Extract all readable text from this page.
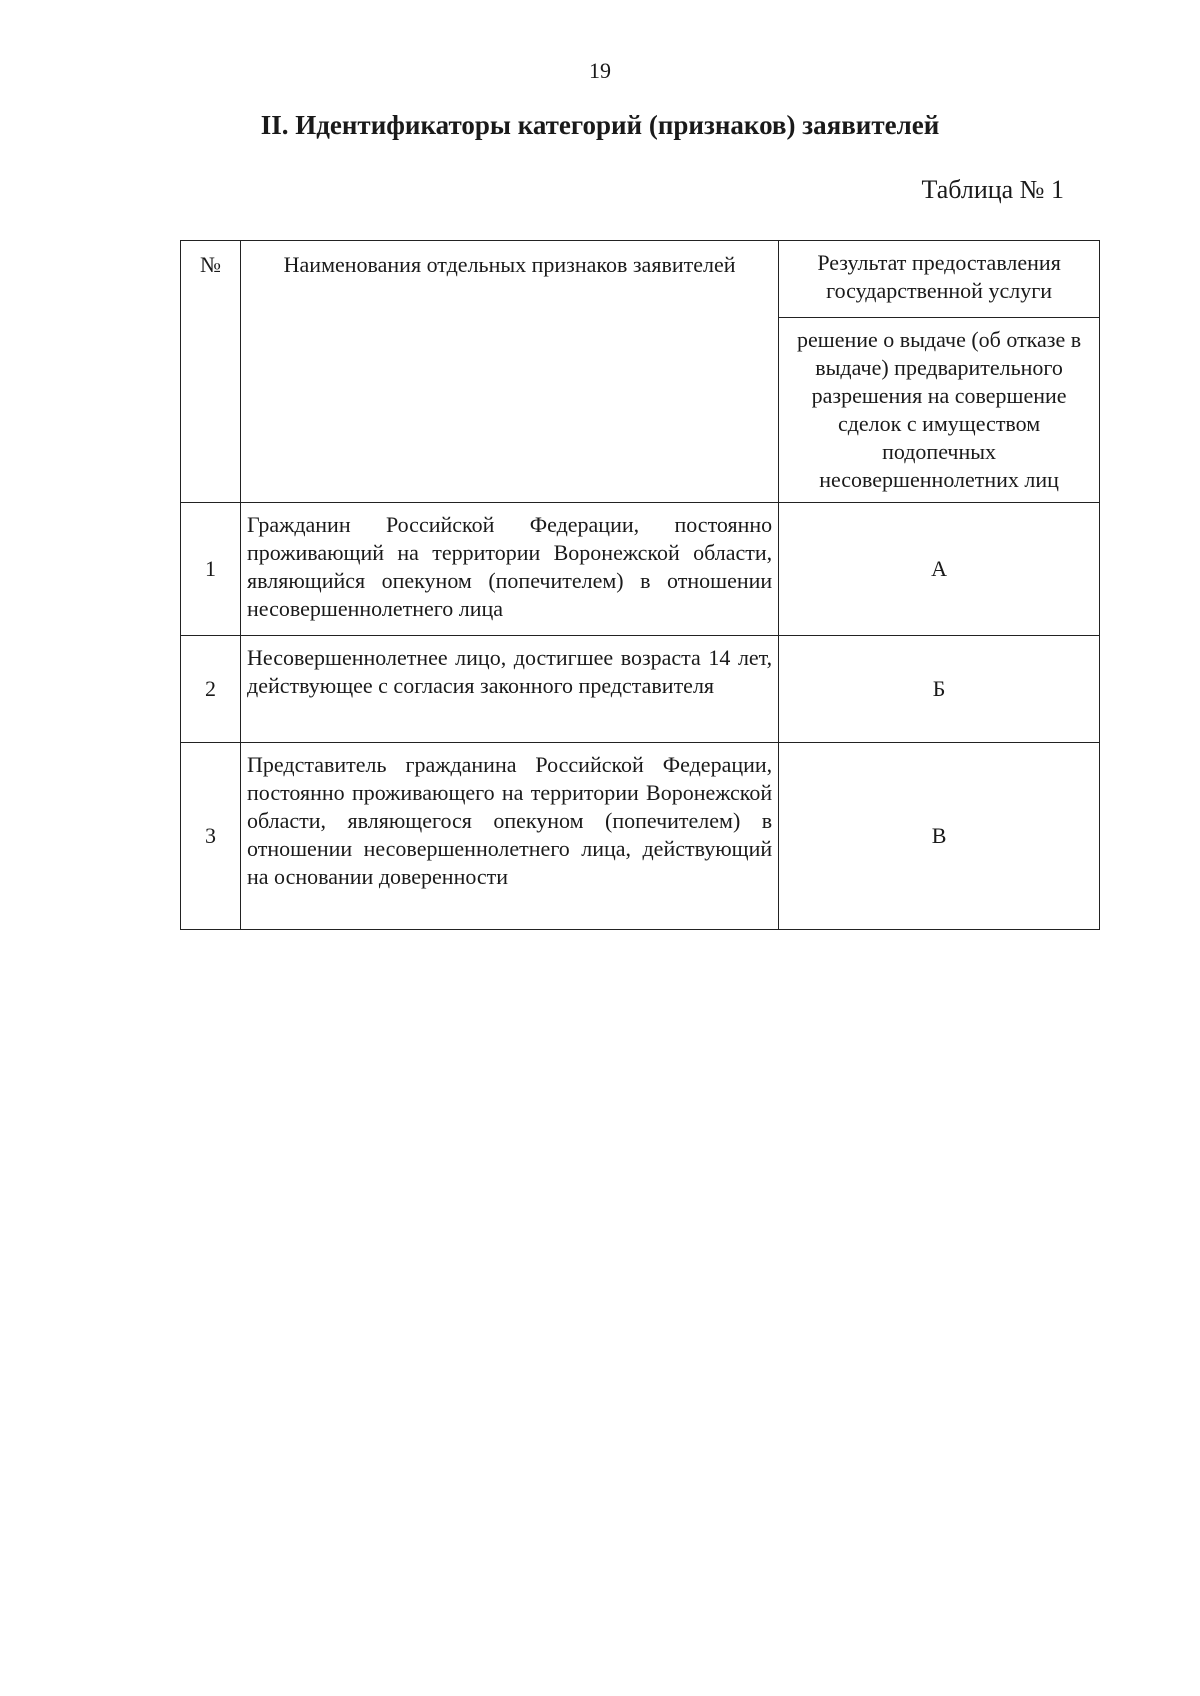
19
II. Идентификаторы категорий (признаков) заявителей
Таблица № 1
№	Наименования отдельных признаков заявителей	Результат предоставления государственной услуги
		решение о выдаче (об отказе в выдаче) предварительного разрешения на совершение сделок с имуществом подопечных несовершеннолетних лиц
1	Гражданин Российской Федерации, постоянно проживающий на территории Воронежской области, являющийся опекуном (попечителем) в отношении несовершеннолетнего лица	А
2	Несовершеннолетнее лицо, достигшее возраста 14 лет, действующее с согласия законного представителя	Б
3	Представитель гражданина Российской Федерации, постоянно проживающего на территории Воронежской области, являющегося опекуном (попечителем) в отношении несовершеннолетнего лица, действующий на основании доверенности	В
